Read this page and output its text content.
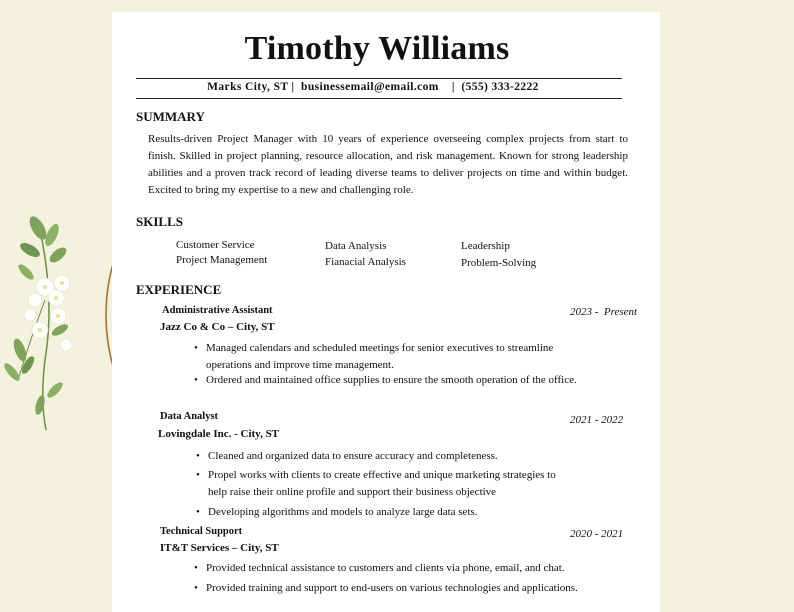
Timothy Williams
Marks City, ST |  businessemail@email.com    |  (555) 333-2222
SUMMARY
Results-driven Project Manager with 10 years of experience overseeing complex projects from start to finish. Skilled in project planning, resource allocation, and risk management. Known for strong leadership abilities and a proven track record of leading diverse teams to deliver projects on time and within budget. Excited to bring my expertise to a new and challenging role.
SKILLS
Customer Service
Project Management
Data Analysis
Fianacial Analysis
Leadership
Problem-Solving
EXPERIENCE
Administrative Assistant
Jazz Co & Co – City, ST
2023 -  Present
• Managed calendars and scheduled meetings for senior executives to streamline operations and improve time management.
• Ordered and maintained office supplies to ensure the smooth operation of the office.
Data Analyst
Lovingdale Inc. - City, ST
2021 - 2022
• Cleaned and organized data to ensure accuracy and completeness.
• Propel works with clients to create effective and unique marketing strategies to help raise their online profile and support their business objective
• Developing algorithms and models to analyze large data sets.
Technical Support
IT&T Services – City, ST
2020 - 2021
• Provided technical assistance to customers and clients via phone, email, and chat.
• Provided training and support to end-users on various technologies and applications.
